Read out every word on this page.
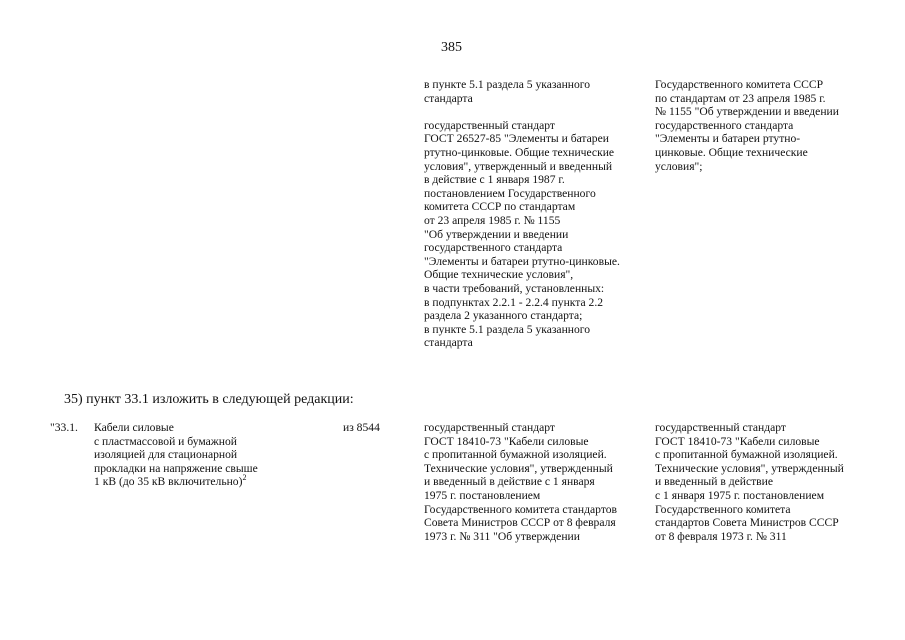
385
в пункте 5.1 раздела 5 указанного
стандарта

государственный стандарт
ГОСТ 26527-85 "Элементы и батареи
ртутно-цинковые. Общие технические
условия", утвержденный и введенный
в действие с 1 января 1987 г.
постановлением Государственного
комитета СССР по стандартам
от 23 апреля 1985 г. № 1155
"Об утверждении и введении
государственного стандарта
"Элементы и батареи ртутно-цинковые.
Общие технические условия",
в части требований, установленных:
в подпунктах 2.2.1 - 2.2.4 пункта 2.2
раздела 2 указанного стандарта;
в пункте 5.1 раздела 5 указанного
стандарта
Государственного комитета СССР
по стандартам от 23 апреля 1985 г.
№ 1155 "Об утверждении и введении
государственного стандарта
"Элементы и батареи ртутно-
цинковые. Общие технические
условия";
35) пункт 33.1 изложить в следующей редакции:
"33.1. Кабели силовые
с пластмассовой и бумажной
изоляцией для стационарной
прокладки на напряжение свыше
1 кВ (до 35 кВ включительно)$^2$
из 8544	государственный стандарт
ГОСТ 18410-73 "Кабели силовые
с пропитанной бумажной изоляцией.
Технические условия", утвержденный
и введенный в действие с 1 января
1975 г. постановлением
Государственного комитета стандартов
Совета Министров СССР от 8 февраля
1973 г. № 311 "Об утверждении
государственный стандарт
ГОСТ 18410-73 "Кабели силовые
с пропитанной бумажной изоляцией.
Технические условия", утвержденный
и введенный в действие
с 1 января 1975 г. постановлением
Государственного комитета
стандартов Совета Министров СССР
от 8 февраля 1973 г. № 311
